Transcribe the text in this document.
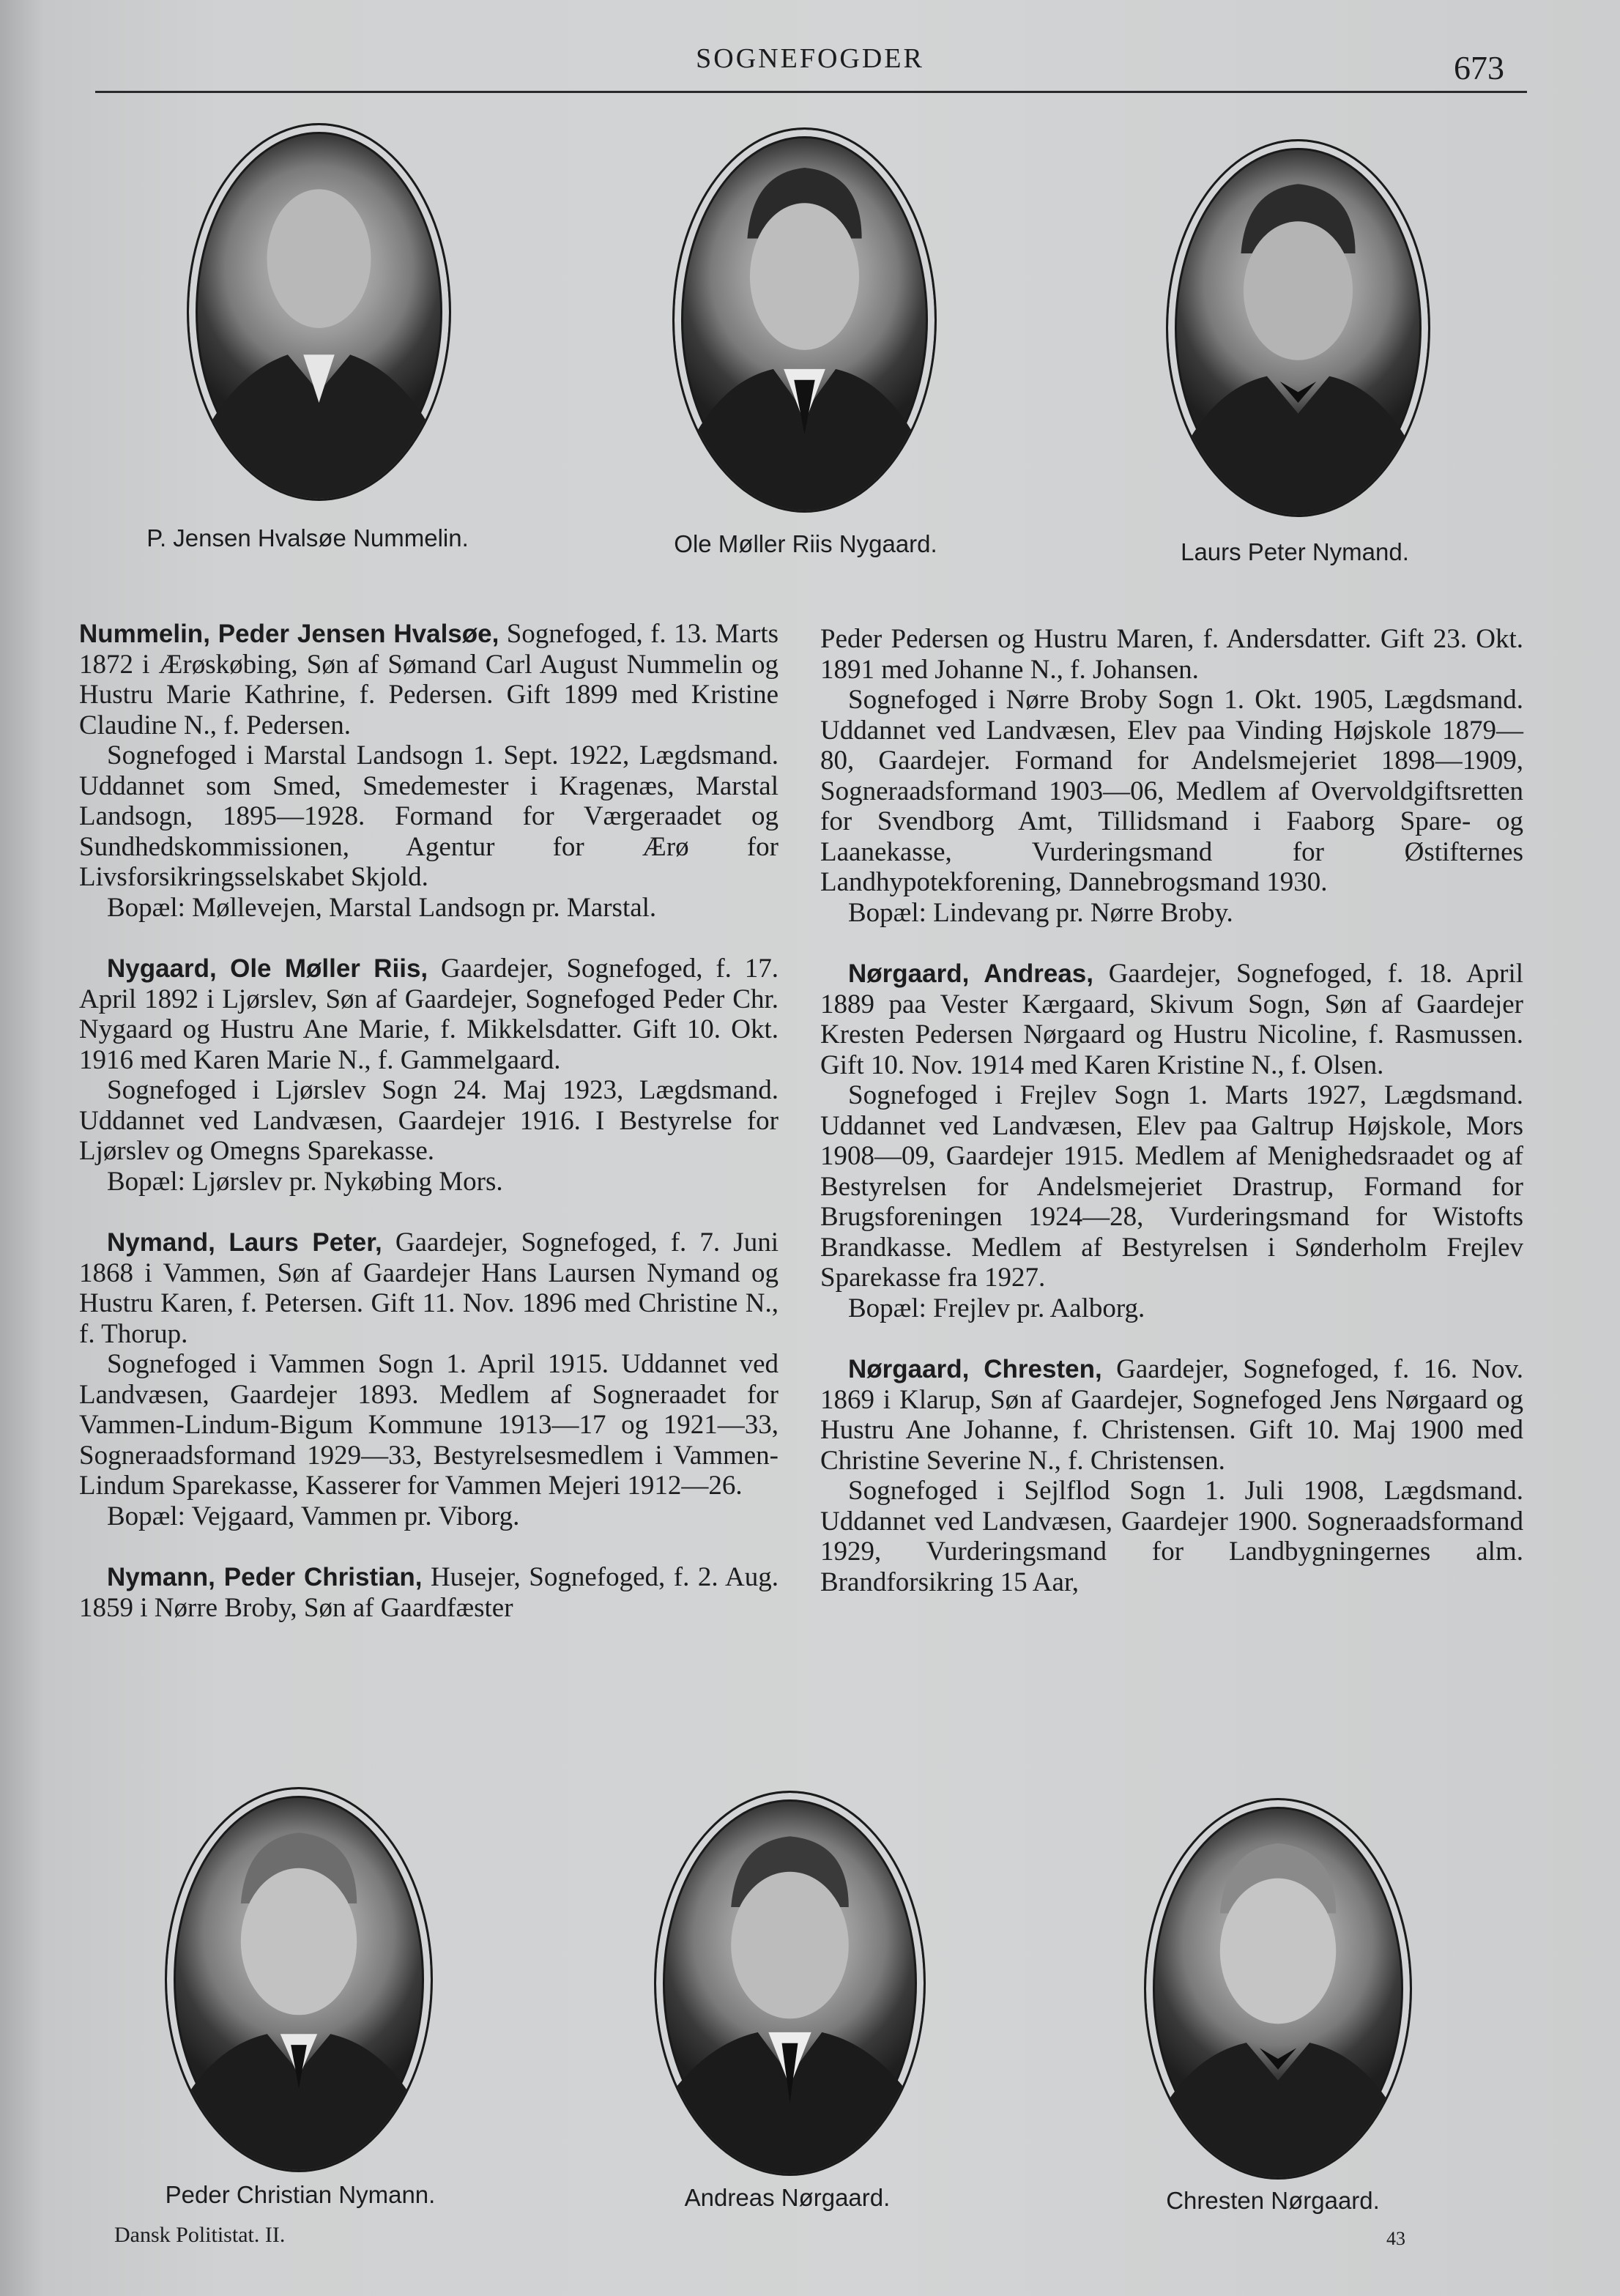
SOGNEFOGDER	673
P. Jensen Hvalsøe Nummelin.	Ole Møller Riis Nygaard.	Laurs Peter Nymand.

Nummelin, Peder Jensen Hvalsøe, Sognefoged, f. 13. Marts 1872 i Ærøskøbing, Søn af Sømand Carl August Nummelin og Hustru Marie Kathrine, f. Pedersen. Gift 1899 med Kristine Claudine N., f. Pedersen.

Sognefoged i Marstal Landsogn 1. Sept. 1922, Lægdsmand. Uddannet som Smed, Smedemester i Kragenæs, Marstal Landsogn, 1895—1928. Formand for Værgeraadet og Sundhedskommissionen, Agentur for Ærø for Livsforsikringsselskabet Skjold.

Bopæl: Møllevejen, Marstal Landsogn pr. Marstal.

Nygaard, Ole Møller Riis, Gaardejer, Sognefoged, f. 17. April 1892 i Ljørslev, Søn af Gaardejer, Sognefoged Peder Chr. Nygaard og Hustru Ane Marie, f. Mikkelsdatter. Gift 10. Okt. 1916 med Karen Marie N., f. Gammelgaard.

Sognefoged i Ljørslev Sogn 24. Maj 1923, Lægdsmand. Uddannet ved Landvæsen, Gaardejer 1916. I Bestyrelse for Ljørslev og Omegns Sparekasse.

Bopæl: Ljørslev pr. Nykøbing Mors.

Nymand, Laurs Peter, Gaardejer, Sognefoged, f. 7. Juni 1868 i Vammen, Søn af Gaardejer Hans Laursen Nymand og Hustru Karen, f. Petersen. Gift 11. Nov. 1896 med Christine N., f. Thorup.

Sognefoged i Vammen Sogn 1. April 1915. Uddannet ved Landvæsen, Gaardejer 1893. Medlem af Sogneraadet for Vammen-Lindum-Bigum Kommune 1913—17 og 1921—33, Sogneraadsformand 1929—33, Bestyrelsesmedlem i Vammen-Lindum Sparekasse, Kasserer for Vammen Mejeri 1912—26.

Bopæl: Vejgaard, Vammen pr. Viborg.

Nymann, Peder Christian, Husejer, Sognefoged, f. 2. Aug. 1859 i Nørre Broby, Søn af Gaardfæster

Peder Pedersen og Hustru Maren, f. Andersdatter. Gift 23. Okt. 1891 med Johanne N., f. Johansen.

Sognefoged i Nørre Broby Sogn 1. Okt. 1905, Lægdsmand. Uddannet ved Landvæsen, Elev paa Vinding Højskole 1879—80, Gaardejer. Formand for Andelsmejeriet 1898—1909, Sogneraadsformand 1903—06, Medlem af Overvoldgiftsretten for Svendborg Amt, Tillidsmand i Faaborg Spare- og Laanekasse, Vurderingsmand for Østifternes Landhypotekforening, Dannebrogsmand 1930.

Bopæl: Lindevang pr. Nørre Broby.

Nørgaard, Andreas, Gaardejer, Sognefoged, f. 18. April 1889 paa Vester Kærgaard, Skivum Sogn, Søn af Gaardejer Kresten Pedersen Nørgaard og Hustru Nicoline, f. Rasmussen. Gift 10. Nov. 1914 med Karen Kristine N., f. Olsen.

Sognefoged i Frejlev Sogn 1. Marts 1927, Lægdsmand. Uddannet ved Landvæsen, Elev paa Galtrup Højskole, Mors 1908—09, Gaardejer 1915. Medlem af Menighedsraadet og af Bestyrelsen for Andelsmejeriet Drastrup, Formand for Brugsforeningen 1924—28, Vurderingsmand for Wistofts Brandkasse. Medlem af Bestyrelsen i Sønderholm Frejlev Sparekasse fra 1927.

Bopæl: Frejlev pr. Aalborg.

Nørgaard, Chresten, Gaardejer, Sognefoged, f. 16. Nov. 1869 i Klarup, Søn af Gaardejer, Sognefoged Jens Nørgaard og Hustru Ane Johanne, f. Christensen. Gift 10. Maj 1900 med Christine Severine N., f. Christensen.

Sognefoged i Sejlflod Sogn 1. Juli 1908, Lægdsmand. Uddannet ved Landvæsen, Gaardejer 1900. Sogneraadsformand 1929, Vurderingsmand for Landbygningernes alm. Brandforsikring 15 Aar,

Peder Christian Nymann.	Andreas Nørgaard.	Chresten Nørgaard.
Dansk Politistat. II.	43
